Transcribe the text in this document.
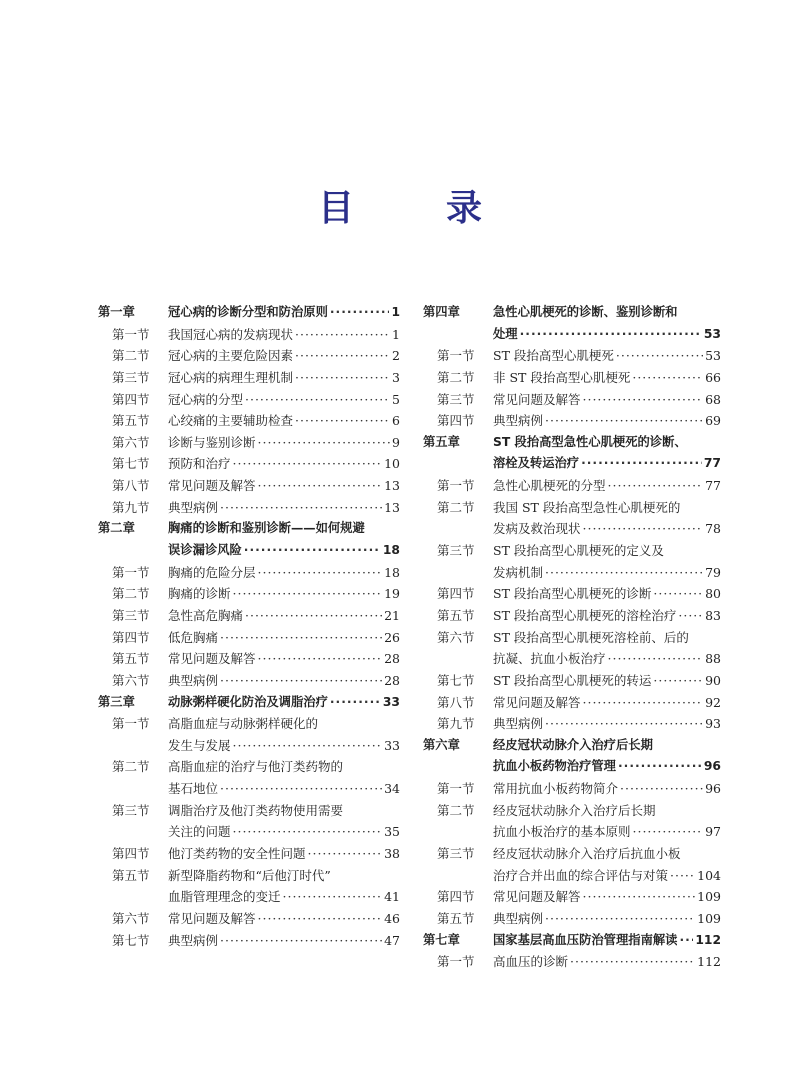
目　录
第一章	冠心病的诊断分型和防治原则 ·····	1
第一节	我国冠心病的发病现状 ·····	1
第二节	冠心病的主要危险因素 ·····	2
第三节	冠心病的病理生理机制 ·····	3
第四节	冠心病的分型 ·····	5
第五节	心绞痛的主要辅助检查 ·····	6
第六节	诊断与鉴别诊断 ·····	9
第七节	预防和治疗 ·····	10
第八节	常见问题及解答 ·····	13
第九节	典型病例 ·····	13
第二章	胸痛的诊断和鉴别诊断——如何规避
误诊漏诊风险 ·····	18
第一节	胸痛的危险分层 ·····	18
第二节	胸痛的诊断 ·····	19
第三节	急性高危胸痛 ·····	21
第四节	低危胸痛 ·····	26
第五节	常见问题及解答 ·····	28
第六节	典型病例 ·····	28
第三章	动脉粥样硬化防治及调脂治疗 ·····	33
第一节	高脂血症与动脉粥样硬化的
发生与发展 ·····	33
第二节	高脂血症的治疗与他汀类药物的
基石地位 ·····	34
第三节	调脂治疗及他汀类药物使用需要
关注的问题 ·····	35
第四节	他汀类药物的安全性问题 ·····	38
第五节	新型降脂药物和“后他汀时代”
血脂管理理念的变迁 ·····	41
第六节	常见问题及解答 ·····	46
第七节	典型病例 ·····	47
第四章	急性心肌梗死的诊断、鉴别诊断和
处理 ·····	53
第一节	ST 段抬高型心肌梗死 ·····	53
第二节	非 ST 段抬高型心肌梗死 ·····	66
第三节	常见问题及解答 ·····	68
第四节	典型病例 ·····	69
第五章	ST 段抬高型急性心肌梗死的诊断、
溶栓及转运治疗 ·····	77
第一节	急性心肌梗死的分型 ·····	77
第二节	我国 ST 段抬高型急性心肌梗死的
发病及救治现状 ·····	78
第三节	ST 段抬高型心肌梗死的定义及
发病机制 ·····	79
第四节	ST 段抬高型心肌梗死的诊断 ·····	80
第五节	ST 段抬高型心肌梗死的溶栓治疗 ····· 83
第六节	ST 段抬高型心肌梗死溶栓前、后的
抗凝、抗血小板治疗 ·····	88
第七节	ST 段抬高型心肌梗死的转运 ·····	90
第八节	常见问题及解答 ·····	92
第九节	典型病例 ·····	93
第六章	经皮冠状动脉介入治疗后长期
抗血小板药物治疗管理 ·····	96
第一节	常用抗血小板药物简介 ·····	96
第二节	经皮冠状动脉介入治疗后长期
抗血小板治疗的基本原则 ·····	97
第三节	经皮冠状动脉介入治疗后抗血小板
治疗合并出血的综合评估与对策 ····· 104
第四节	常见问题及解答 ·····	109
第五节	典型病例 ·····	109
第七章	国家基层高血压防治管理指南解读 ····· 112
第一节	高血压的诊断 ·····	112
